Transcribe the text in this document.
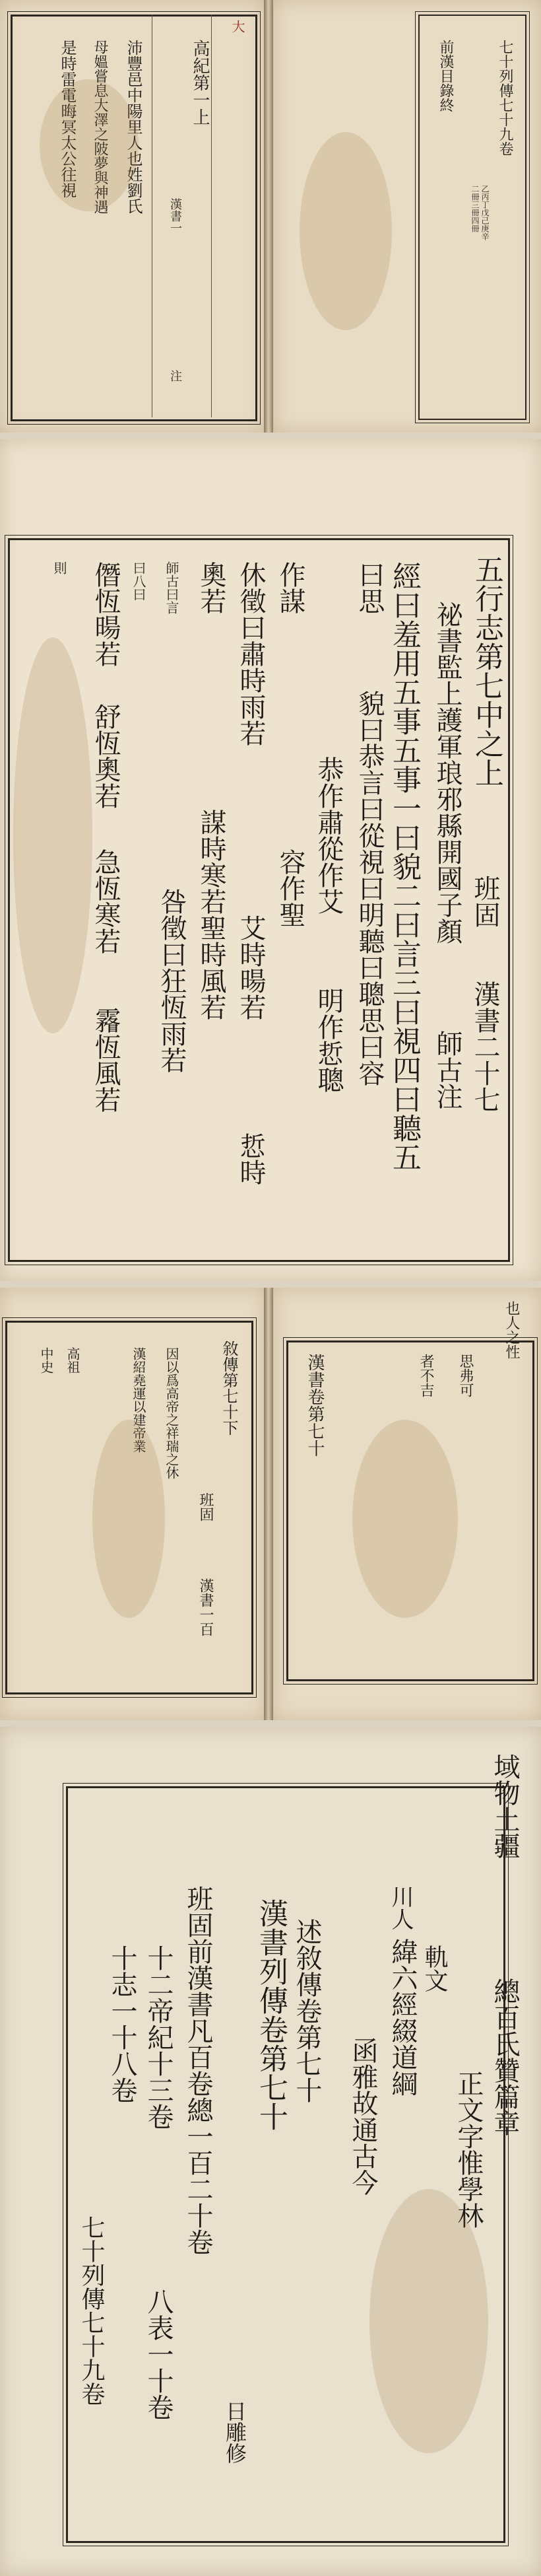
高紀第一上
漢書一
注
沛豐邑中陽里人也姓劉氏
母媼嘗息大澤之陂夢與神遇
是時雷電晦冥太公往視
大
前漢目錄終	七十列傳七十九卷
二冊三冊四冊 乙丙丁戊己庚辛
五行志第七中之上
班固
漢書二十七
祕書監上護軍琅邪縣開國子顏
師古注
經曰羞用五事五事一曰貌二曰言三曰視四曰聽五
曰思
貌曰恭言曰從視曰明聽曰聰思曰容
恭作肅從作艾
明作悊聰
作謀
容作聖
休徵曰肅時雨若
艾時暘若
悊時
奧若
謀時寒若聖時風若
咎徵曰狂恆雨若
僭恆暘若
舒恆奧若
急恆寒若
霿恆風若
師古曰言
曰八曰
則
敘傳第七十下
班固
漢書一百
因以爲高帝之祥瑞之休
漢紹堯運以建帝業
高祖
中史	漢書卷第七十
也人之性
思弗可
者不吉
域物土疆
軌文
總百氏贊篇章
正文字惟學林
川人
緯六經綴道綱
函雅故通古今
述敘傳卷第七十
漢書列傳卷第七十
班固前漢書凡百卷總一百二十卷
十二帝紀十三卷
八表一十卷
十志一十八卷
七十列傳七十九卷
日雕修
